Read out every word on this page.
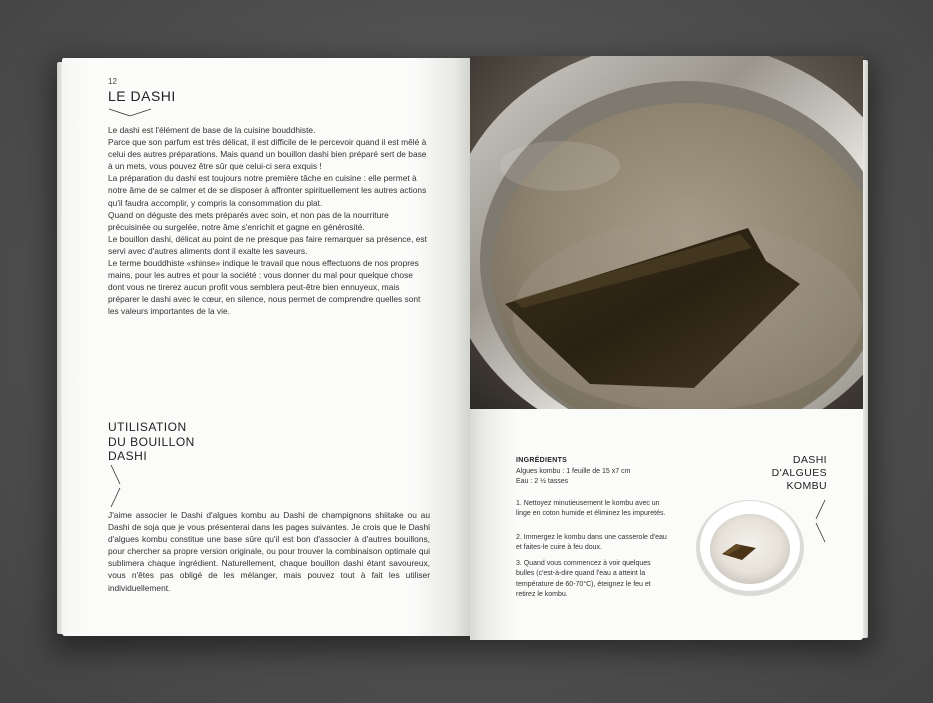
12
LE DASHI

Le dashi est l'élément de base de la cuisine bouddhiste.

Parce que son parfum est très délicat, il est difficile de le percevoir quand il est mêlé à celui des autres préparations. Mais quand un bouillon dashi bien préparé sert de base à un mets, vous pouvez être sûr que celui-ci sera exquis !

La préparation du dashi est toujours notre première tâche en cuisine : elle permet à notre âme de se calmer et de se disposer à affronter spirituellement les autres actions qu'il faudra accomplir, y compris la consommation du plat.

Quand on déguste des mets préparés avec soin, et non pas de la nourriture précuisinée ou surgelée, notre âme s'enrichit et gagne en générosité.

Le bouillon dashi, délicat au point de ne presque pas faire remarquer sa présence, est servi avec d'autres aliments dont il exalte les saveurs.

Le terme bouddhiste «shinse» indique le travail que nous effectuons de nos propres mains, pour les autres et pour la société : vous donner du mal pour quelque chose dont vous ne tirerez aucun profit vous semblera peut-être bien ennuyeux, mais préparer le dashi avec le cœur, en silence, nous permet de comprendre quelles sont les valeurs importantes de la vie.

UTILISATION
DU BOUILLON
DASHI

J'aime associer le Dashi d'algues kombu au Dashi de champignons shiitake ou au Dashi de soja que je vous présenterai dans les pages suivantes. Je crois que le Dashi d'algues kombu constitue une base sûre qu'il est bon d'associer à d'autres bouillons, pour chercher sa propre version originale, ou pour trouver la combinaison optimale qui sublimera chaque ingrédient. Naturellement, chaque bouillon dashi étant savoureux, vous n'êtes pas obligé de les mélanger, mais pouvez tout à fait les utiliser individuellement.

INGRÉDIENTS
Algues kombu : 1 feuille de 15 x7 cm
Eau : 2 ½ tasses
1. Nettoyez minutieusement le kombu avec un linge en coton humide et éliminez les impuretés.
2. Immergez le kombu dans une casserole d'eau et faites-le cuire à feu doux.
3. Quand vous commencez à voir quelques bulles (c'est-à-dire quand l'eau a atteint la température de 60-70°C), éteignez le feu et retirez le kombu.
DASHI
D'ALGUES
KOMBU
